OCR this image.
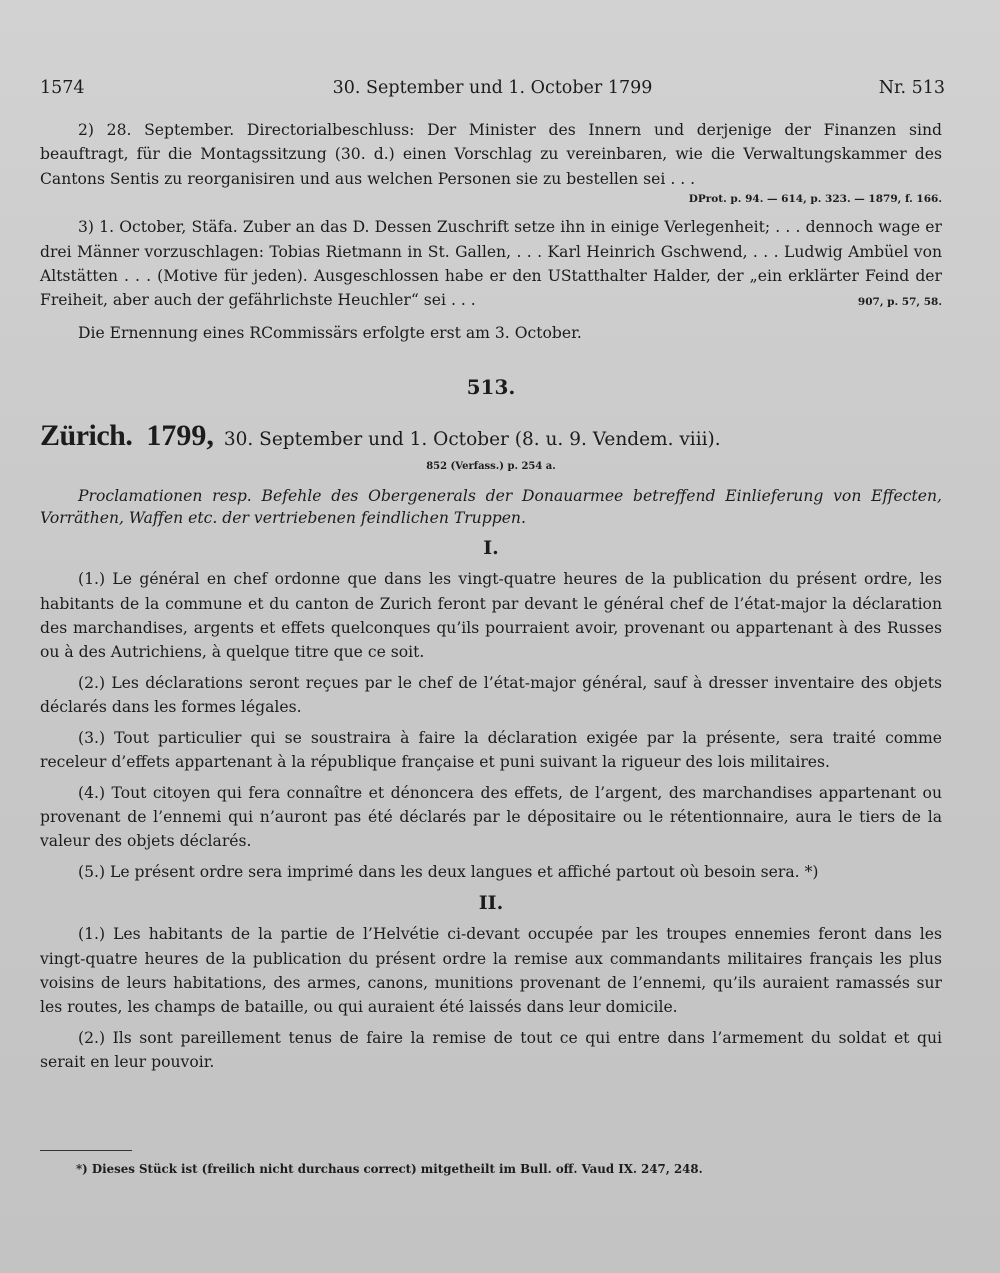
1574	30. September und 1. October 1799	Nr. 513

2) 28. September. Directorialbeschluss: Der Minister des Innern und derjenige der Finanzen sind beauftragt, für die Montagssitzung (30. d.) einen Vorschlag zu vereinbaren, wie die Verwaltungskammer des Cantons Sentis zu reorganisiren und aus welchen Personen sie zu bestellen sei . . .

DProt. p. 94. — 614, p. 323. — 1879, f. 166.

3) 1. October, Stäfa. Zuber an das D. Dessen Zuschrift setze ihn in einige Verlegenheit; . . . dennoch wage er drei Männer vorzuschlagen: Tobias Rietmann in St. Gallen, . . . Karl Heinrich Gschwend, . . . Ludwig Ambüel von Altstätten . . . (Motive für jeden). Ausgeschlossen habe er den UStatthalter Halder, der „ein erklärter Feind der Freiheit, aber auch der gefährlichste Heuchler“ sei . . .	907, p. 57, 58.

Die Ernennung eines RCommissärs erfolgte erst am 3. October.

513.
Zürich. 1799, 30. September und 1. October (8. u. 9. Vendem. viii).
852 (Verfass.) p. 254 a.

Proclamationen resp. Befehle des Obergenerals der Donauarmee betreffend Einlieferung von Effecten, Vorräthen, Waffen etc. der vertriebenen feindlichen Truppen.

I.

(1.) Le général en chef ordonne que dans les vingt-quatre heures de la publication du présent ordre, les habitants de la commune et du canton de Zurich feront par devant le général chef de l’état-major la déclaration des marchandises, argents et effets quelconques qu’ils pourraient avoir, provenant ou appartenant à des Russes ou à des Autrichiens, à quelque titre que ce soit.

(2.) Les déclarations seront reçues par le chef de l’état-major général, sauf à dresser inventaire des objets déclarés dans les formes légales.

(3.) Tout particulier qui se soustraira à faire la déclaration exigée par la présente, sera traité comme receleur d’effets appartenant à la république française et puni suivant la rigueur des lois militaires.

(4.) Tout citoyen qui fera connaître et dénoncera des effets, de l’argent, des marchandises appartenant ou provenant de l’ennemi qui n’auront pas été déclarés par le dépositaire ou le rétentionnaire, aura le tiers de la valeur des objets déclarés.

(5.) Le présent ordre sera imprimé dans les deux langues et affiché partout où besoin sera. *)

II.

(1.) Les habitants de la partie de l’Helvétie ci-devant occupée par les troupes ennemies feront dans les vingt-quatre heures de la publication du présent ordre la remise aux commandants militaires français les plus voisins de leurs habitations, des armes, canons, munitions provenant de l’ennemi, qu’ils auraient ramassés sur les routes, les champs de bataille, ou qui auraient été laissés dans leur domicile.

(2.) Ils sont pareillement tenus de faire la remise de tout ce qui entre dans l’armement du soldat et qui serait en leur pouvoir.

*) Dieses Stück ist (freilich nicht durchaus correct) mitgetheilt im Bull. off. Vaud IX. 247, 248.
